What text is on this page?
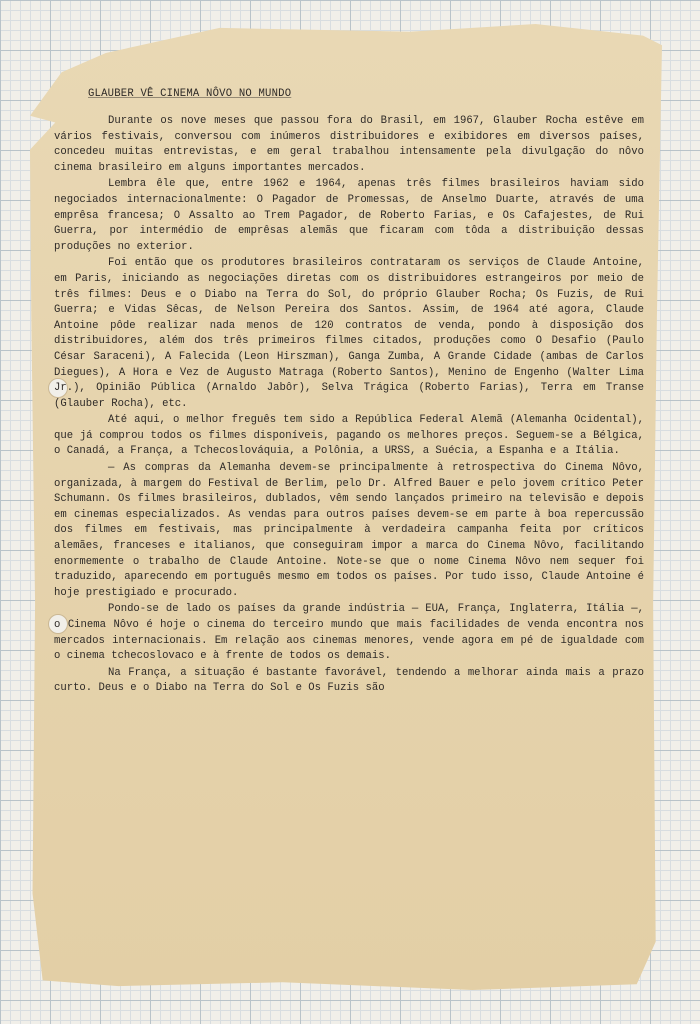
GLAUBER VÊ CINEMA NÔVO NO MUNDO
Durante os nove meses que passou fora do Brasil, em 1967, Glauber Rocha estêve em vários festivais, conversou com inúmeros distribuidores e exibidores em diversos países, concedeu muitas entrevistas, e em geral trabalhou intensamente pela divulgação do nôvo cinema brasileiro em alguns importantes mercados.
Lembra êle que, entre 1962 e 1964, apenas três filmes brasileiros haviam sido negociados internacionalmente: O Pagador de Promessas, de Anselmo Duarte, através de uma emprêsa francesa; O Assalto ao Trem Pagador, de Roberto Farias, e Os Cafajestes, de Rui Guerra, por intermédio de emprêsas alemãs que ficaram com tôda a distribuição dessas produções no exterior.
Foi então que os produtores brasileiros contrataram os serviços de Claude Antoine, em Paris, iniciando as negociações diretas com os distribuidores estrangeiros por meio de três filmes: Deus e o Diabo na Terra do Sol, do próprio Glauber Rocha; Os Fuzis, de Rui Guerra; e Vidas Sêcas, de Nelson Pereira dos Santos. Assim, de 1964 até agora, Claude Antoine pôde realizar nada menos de 120 contratos de venda, pondo à disposição dos distribuidores, além dos três primeiros filmes citados, produções como O Desafio (Paulo César Saraceni), A Falecida (Leon Hirszman), Ganga Zumba, A Grande Cidade (ambas de Carlos Diegues), A Hora e Vez de Augusto Matraga (Roberto Santos), Menino de Engenho (Walter Lima Jr.), Opinião Pública (Arnaldo Jabôr), Selva Trágica (Roberto Farias), Terra em Transe (Glauber Rocha), etc.
Até aqui, o melhor freguês tem sido a República Federal Alemã (Alemanha Ocidental), que já comprou todos os filmes disponíveis, pagando os melhores preços. Seguem-se a Bélgica, o Canadá, a França, a Tchecoslováquia, a Polônia, a URSS, a Suécia, a Espanha e a Itália.
— As compras da Alemanha devem-se principalmente à retrospectiva do Cinema Nôvo, organizada, à margem do Festival de Berlim, pelo Dr. Alfred Bauer e pelo jovem crítico Peter Schumann. Os filmes brasileiros, dublados, vêm sendo lançados primeiro na televisão e depois em cinemas especializados. As vendas para outros países devem-se em parte à boa repercussão dos filmes em festivais, mas principalmente à verdadeira campanha feita por críticos alemães, franceses e italianos, que conseguiram impor a marca do Cinema Nôvo, facilitando enormemente o trabalho de Claude Antoine. Note-se que o nome Cinema Nôvo nem sequer foi traduzido, aparecendo em português mesmo em todos os países. Por tudo isso, Claude Antoine é hoje prestigiado e procurado.
Pondo-se de lado os países da grande indústria — EUA, França, Inglaterra, Itália —, o Cinema Nôvo é hoje o cinema do terceiro mundo que mais facilidades de venda encontra nos mercados internacionais. Em relação aos cinemas menores, vende agora em pé de igualdade com o cinema tchecoslovaco e à frente de todos os demais.
Na França, a situação é bastante favorável, tendendo a melhorar ainda mais a prazo curto. Deus e o Diabo na Terra do Sol e Os Fuzis são
